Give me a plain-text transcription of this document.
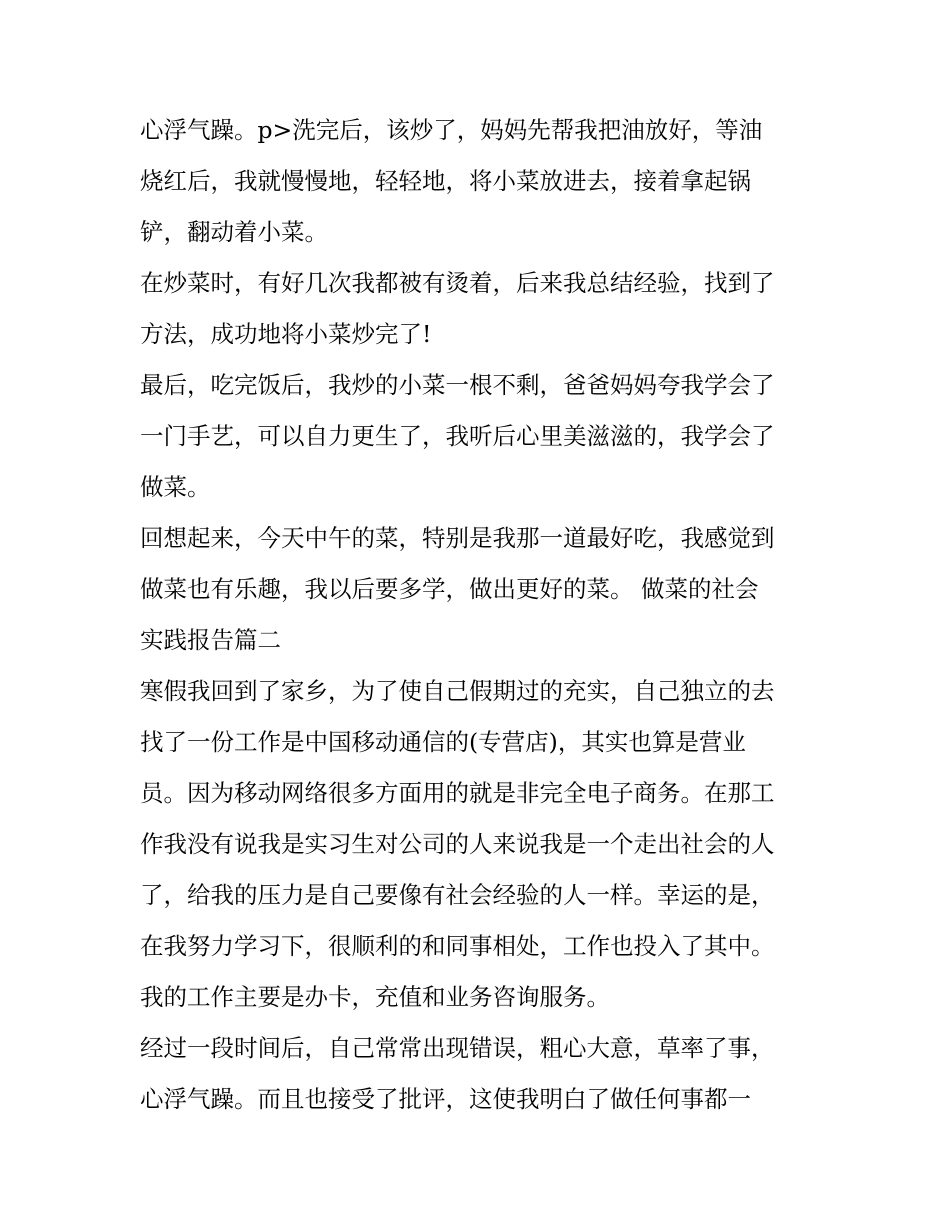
心浮气躁。p>洗完后，该炒了，妈妈先帮我把油放好，等油
烧红后，我就慢慢地，轻轻地，将小菜放进去，接着拿起锅
铲，翻动着小菜。
在炒菜时，有好几次我都被有烫着，后来我总结经验，找到了
方法，成功地将小菜炒完了!
最后，吃完饭后，我炒的小菜一根不剩，爸爸妈妈夸我学会了
一门手艺，可以自力更生了，我听后心里美滋滋的，我学会了
做菜。
回想起来，今天中午的菜，特别是我那一道最好吃，我感觉到
做菜也有乐趣，我以后要多学，做出更好的菜。 做菜的社会
实践报告篇二
寒假我回到了家乡，为了使自己假期过的充实，自己独立的去
找了一份工作是中国移动通信的(专营店)，其实也算是营业
员。因为移动网络很多方面用的就是非完全电子商务。在那工
作我没有说我是实习生对公司的人来说我是一个走出社会的人
了，给我的压力是自己要像有社会经验的人一样。幸运的是，
在我努力学习下，很顺利的和同事相处，工作也投入了其中。
我的工作主要是办卡，充值和业务咨询服务。
经过一段时间后，自己常常出现错误，粗心大意，草率了事，
心浮气躁。而且也接受了批评，这使我明白了做任何事都一
